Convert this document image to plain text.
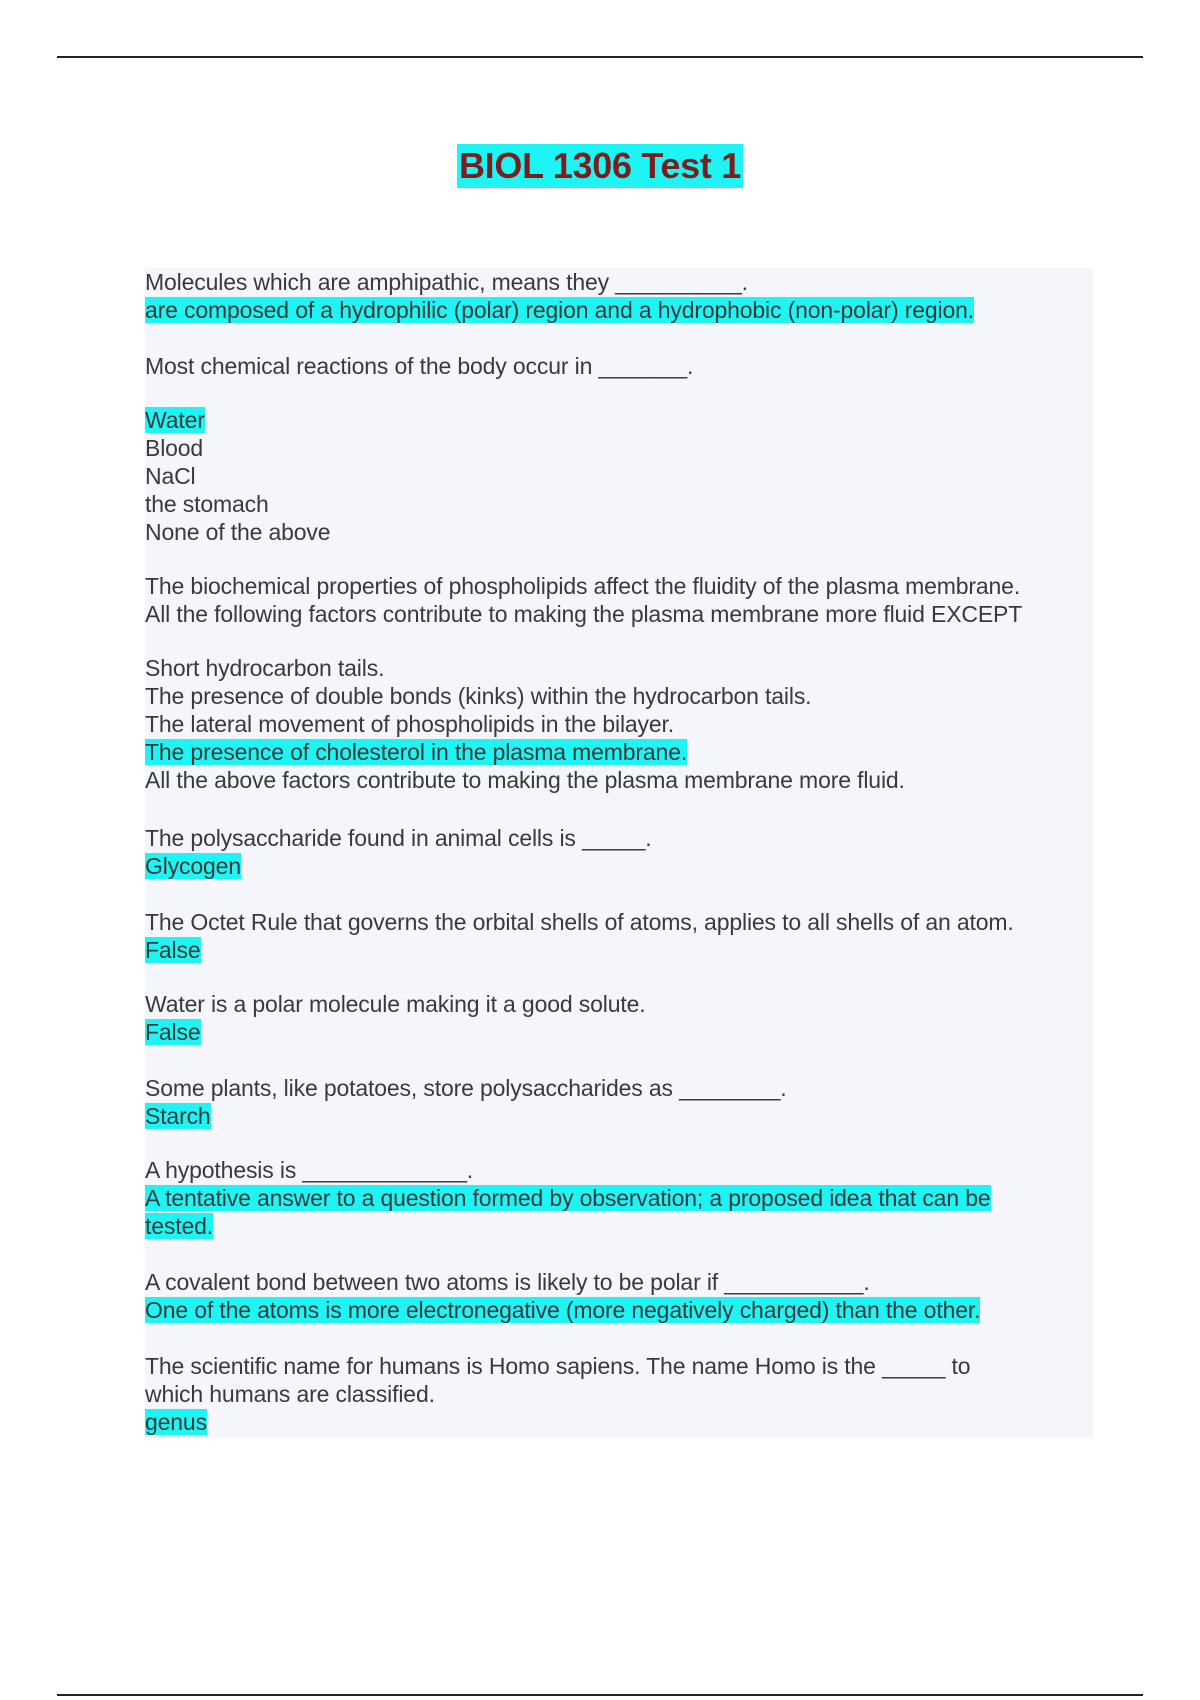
BIOL 1306 Test 1
Molecules which are amphipathic, means they __________.
are composed of a hydrophilic (polar) region and a hydrophobic (non-polar) region.
Most chemical reactions of the body occur in _______.
Water
Blood
NaCl
the stomach
None of the above
The biochemical properties of phospholipids affect the fluidity of the plasma membrane.
All the following factors contribute to making the plasma membrane more fluid EXCEPT
Short hydrocarbon tails.
The presence of double bonds (kinks) within the hydrocarbon tails.
The lateral movement of phospholipids in the bilayer.
The presence of cholesterol in the plasma membrane.
All the above factors contribute to making the plasma membrane more fluid.
The polysaccharide found in animal cells is _____.
Glycogen
The Octet Rule that governs the orbital shells of atoms, applies to all shells of an atom.
False
Water is a polar molecule making it a good solute.
False
Some plants, like potatoes, store polysaccharides as ________.
Starch
A hypothesis is _____________.
A tentative answer to a question formed by observation; a proposed idea that can be
tested.
A covalent bond between two atoms is likely to be polar if ___________.
One of the atoms is more electronegative (more negatively charged) than the other.
The scientific name for humans is Homo sapiens. The name Homo is the _____ to
which humans are classified.
genus
